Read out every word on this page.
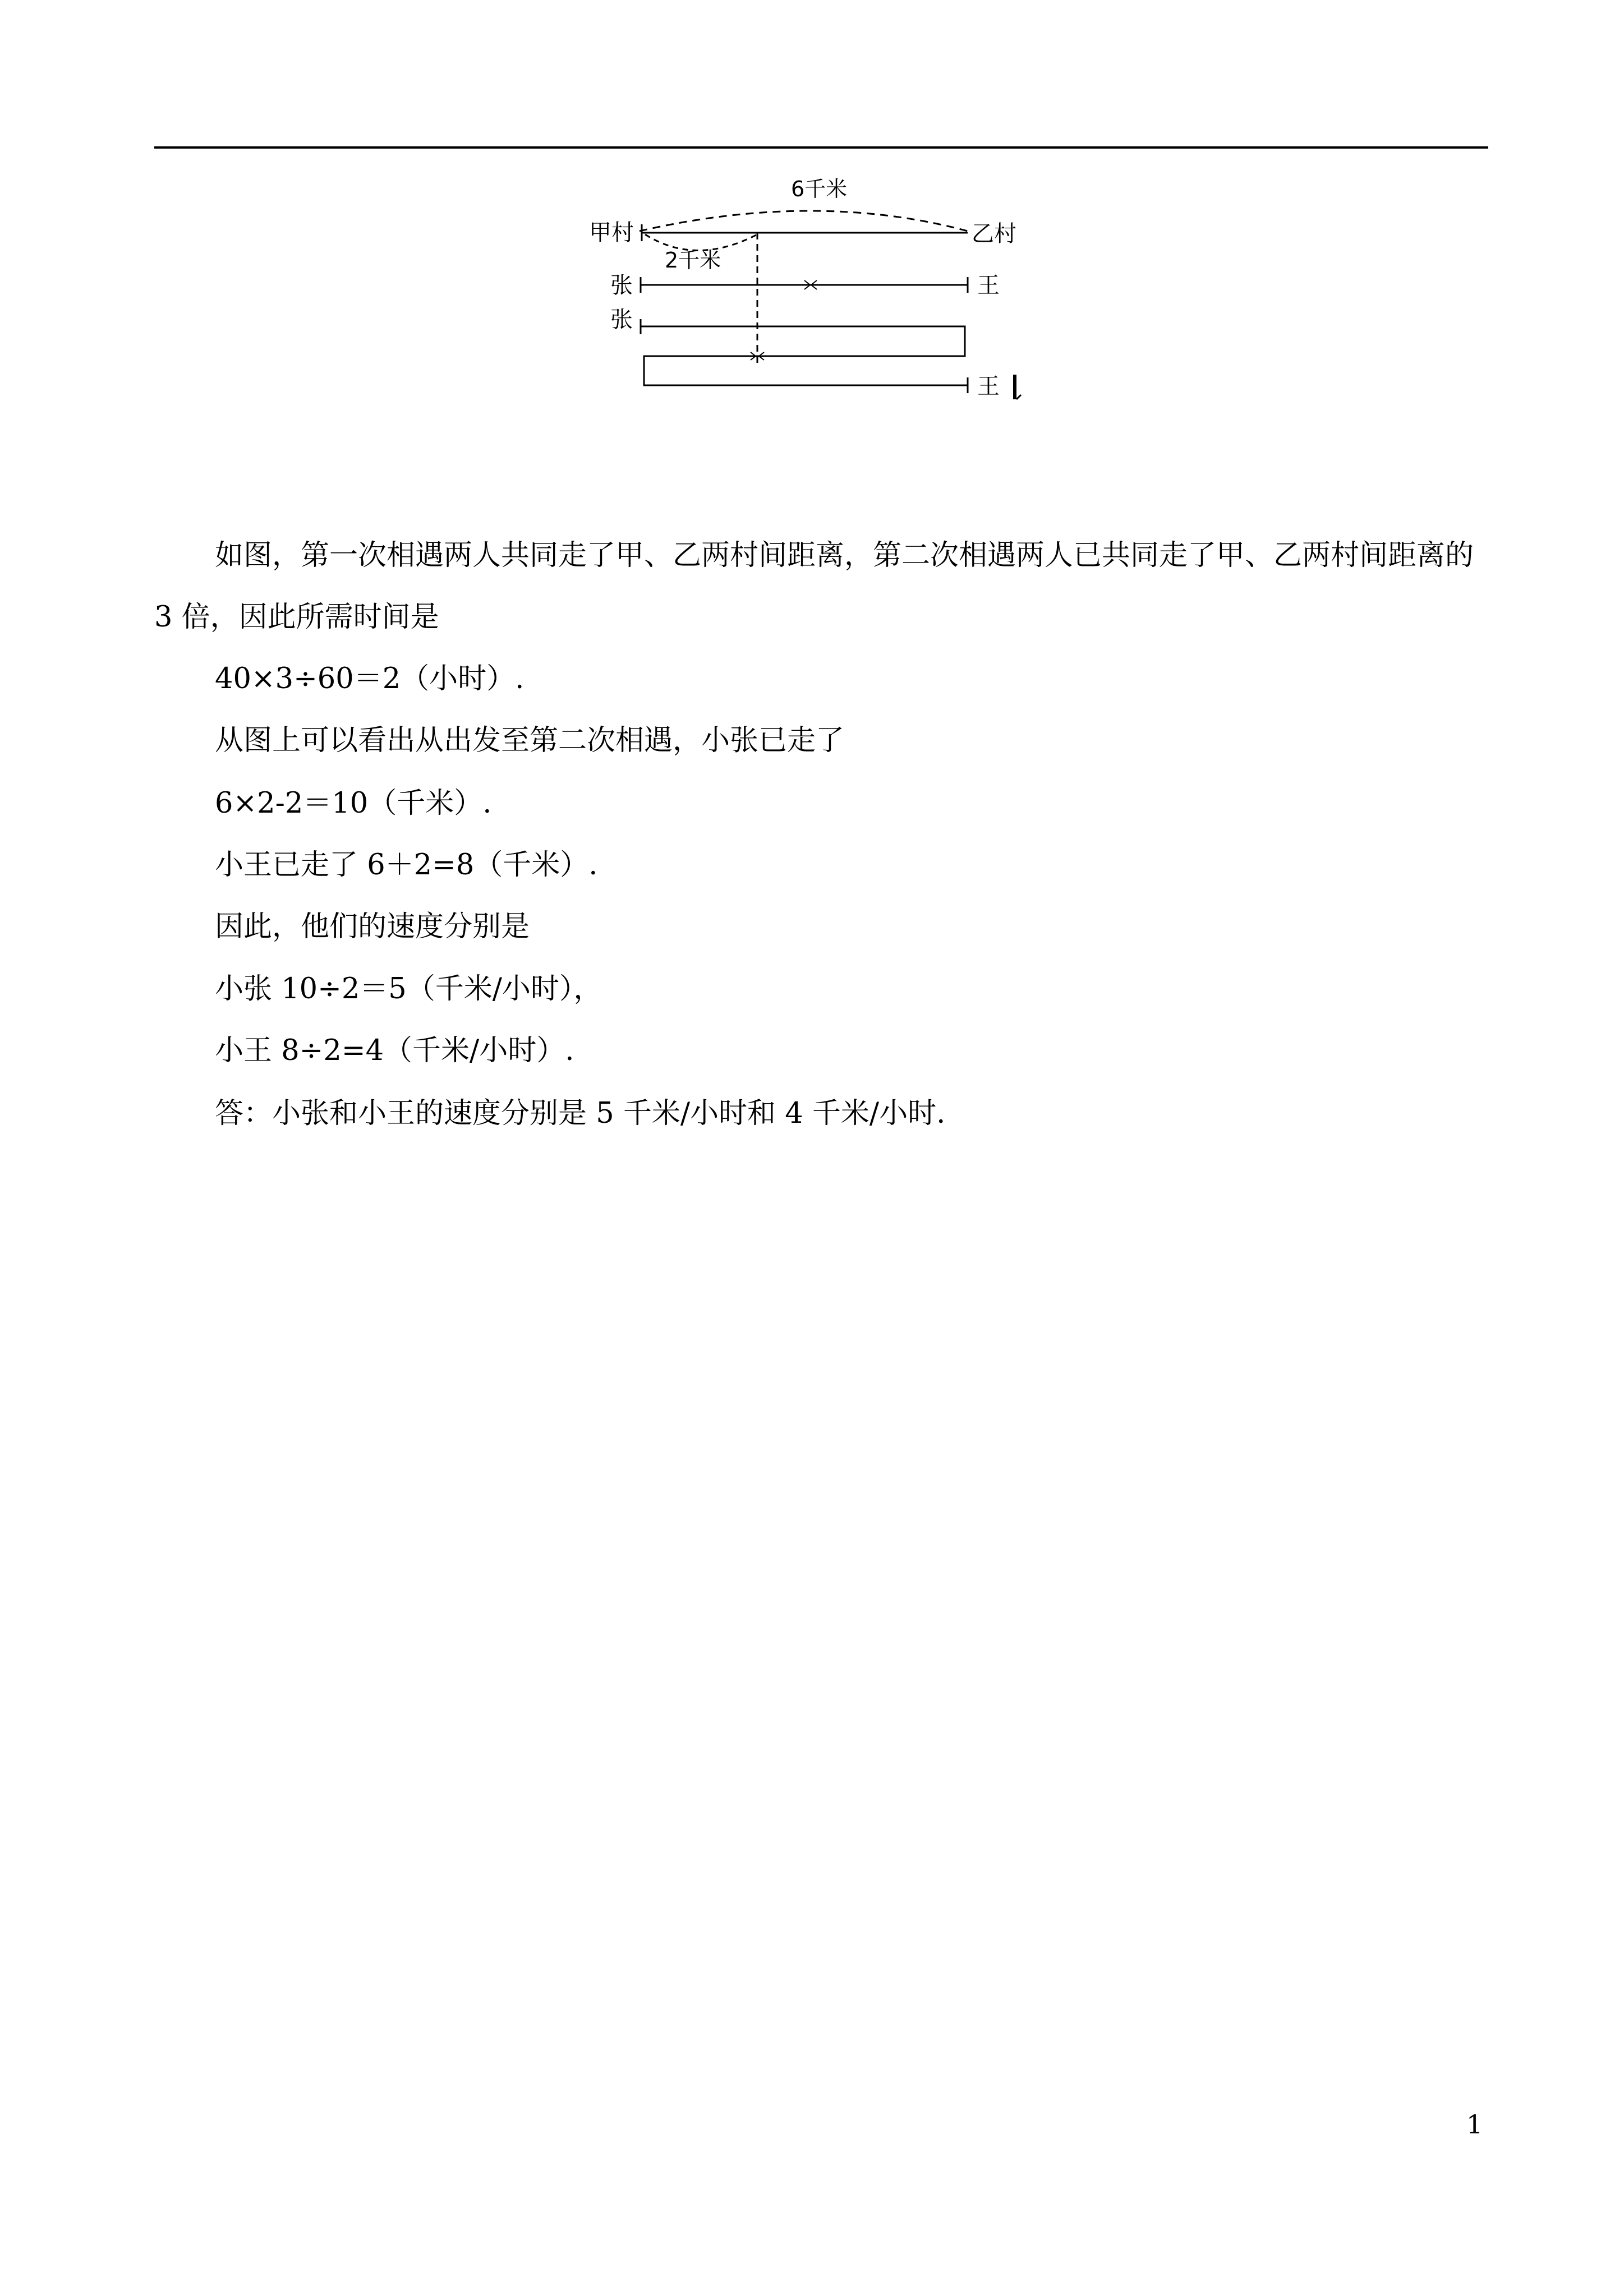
6千米
甲村	乙村
2千米
张	王
张
王
如图，第一次相遇两人共同走了甲、乙两村间距离，第二次相遇两人已共同走了甲、乙两村间距离的
3 倍，因此所需时间是
40×3÷60＝2（小时）.
从图上可以看出从出发至第二次相遇，小张已走了
6×2-2＝10（千米）.
小王已走了 6＋2=8（千米）.
因此，他们的速度分别是
小张 10÷2＝5（千米/小时），
小王 8÷2=4（千米/小时）.
答：小张和小王的速度分别是 5 千米/小时和 4 千米/小时.
1
